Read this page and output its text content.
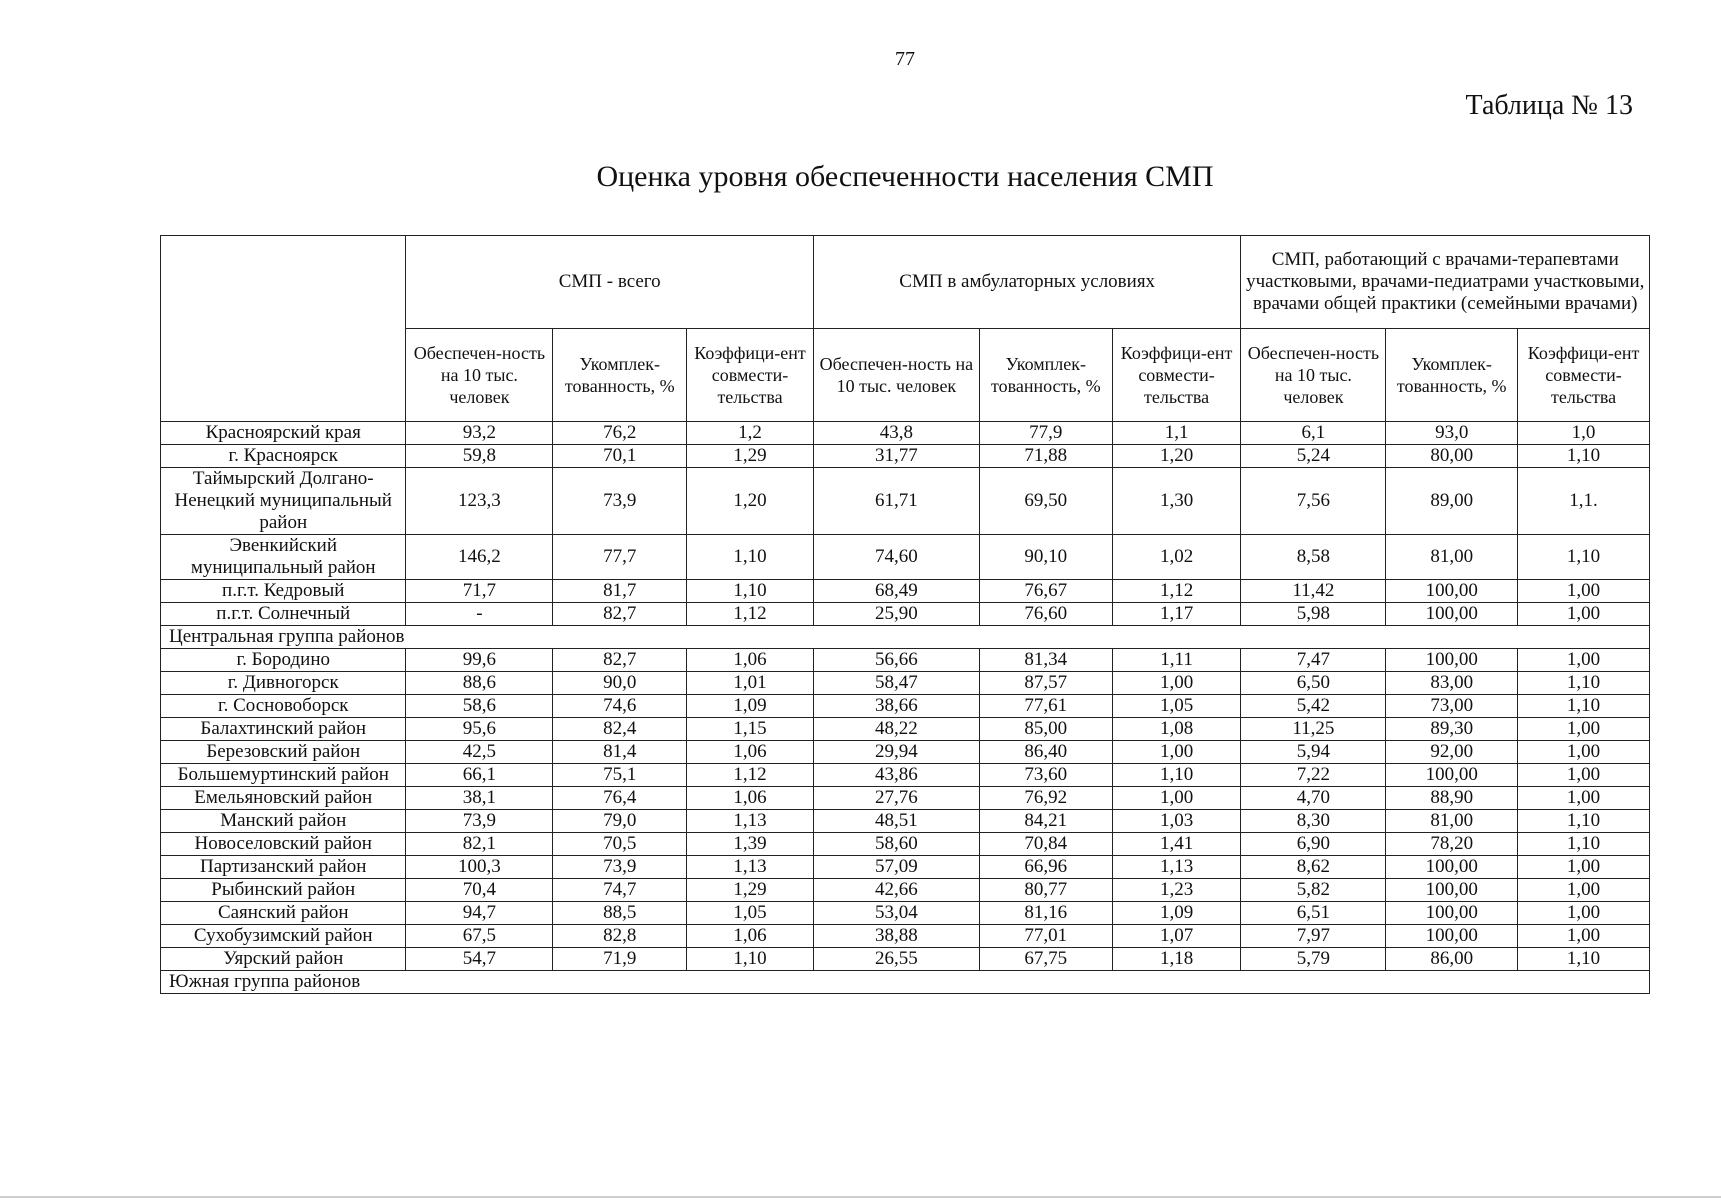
77
Таблица № 13
Оценка уровня обеспеченности населения СМП
	СМП - всего			СМП в амбулаторных условиях			СМП, работающий с врачами-терапевтами участковыми, врачами-педиатрами участковыми, врачами общей практики (семейными врачами)		
	Обеспечен-ность на 10 тыс. человек	Укомплек-тованность, %	Коэффици-ент совмести-тельства	Обеспечен-ность на 10 тыс. человек	Укомплек-тованность, %	Коэффици-ент совмести-тельства	Обеспечен-ность на 10 тыс. человек	Укомплек-тованность, %	Коэффици-ент совмести-тельства
Красноярский края	93,2	76,2	1,2	43,8	77,9	1,1	6,1	93,0	1,0
г. Красноярск	59,8	70,1	1,29	31,77	71,88	1,20	5,24	80,00	1,10
Таймырский Долгано-Ненецкий муниципальный район	123,3	73,9	1,20	61,71	69,50	1,30	7,56	89,00	1,1.
Эвенкийский муниципальный район	146,2	77,7	1,10	74,60	90,10	1,02	8,58	81,00	1,10
п.г.т. Кедровый	71,7	81,7	1,10	68,49	76,67	1,12	11,42	100,00	1,00
п.г.т. Солнечный	-	82,7	1,12	25,90	76,60	1,17	5,98	100,00	1,00
Центральная группа районов									
г. Бородино	99,6	82,7	1,06	56,66	81,34	1,11	7,47	100,00	1,00
г. Дивногорск	88,6	90,0	1,01	58,47	87,57	1,00	6,50	83,00	1,10
г. Сосновоборск	58,6	74,6	1,09	38,66	77,61	1,05	5,42	73,00	1,10
Балахтинский район	95,6	82,4	1,15	48,22	85,00	1,08	11,25	89,30	1,00
Березовский район	42,5	81,4	1,06	29,94	86,40	1,00	5,94	92,00	1,00
Большемуртинский район	66,1	75,1	1,12	43,86	73,60	1,10	7,22	100,00	1,00
Емельяновский район	38,1	76,4	1,06	27,76	76,92	1,00	4,70	88,90	1,00
Манский район	73,9	79,0	1,13	48,51	84,21	1,03	8,30	81,00	1,10
Новоселовский район	82,1	70,5	1,39	58,60	70,84	1,41	6,90	78,20	1,10
Партизанский район	100,3	73,9	1,13	57,09	66,96	1,13	8,62	100,00	1,00
Рыбинский район	70,4	74,7	1,29	42,66	80,77	1,23	5,82	100,00	1,00
Саянский район	94,7	88,5	1,05	53,04	81,16	1,09	6,51	100,00	1,00
Сухобузимский район	67,5	82,8	1,06	38,88	77,01	1,07	7,97	100,00	1,00
Уярский район	54,7	71,9	1,10	26,55	67,75	1,18	5,79	86,00	1,10
Южная группа районов									
